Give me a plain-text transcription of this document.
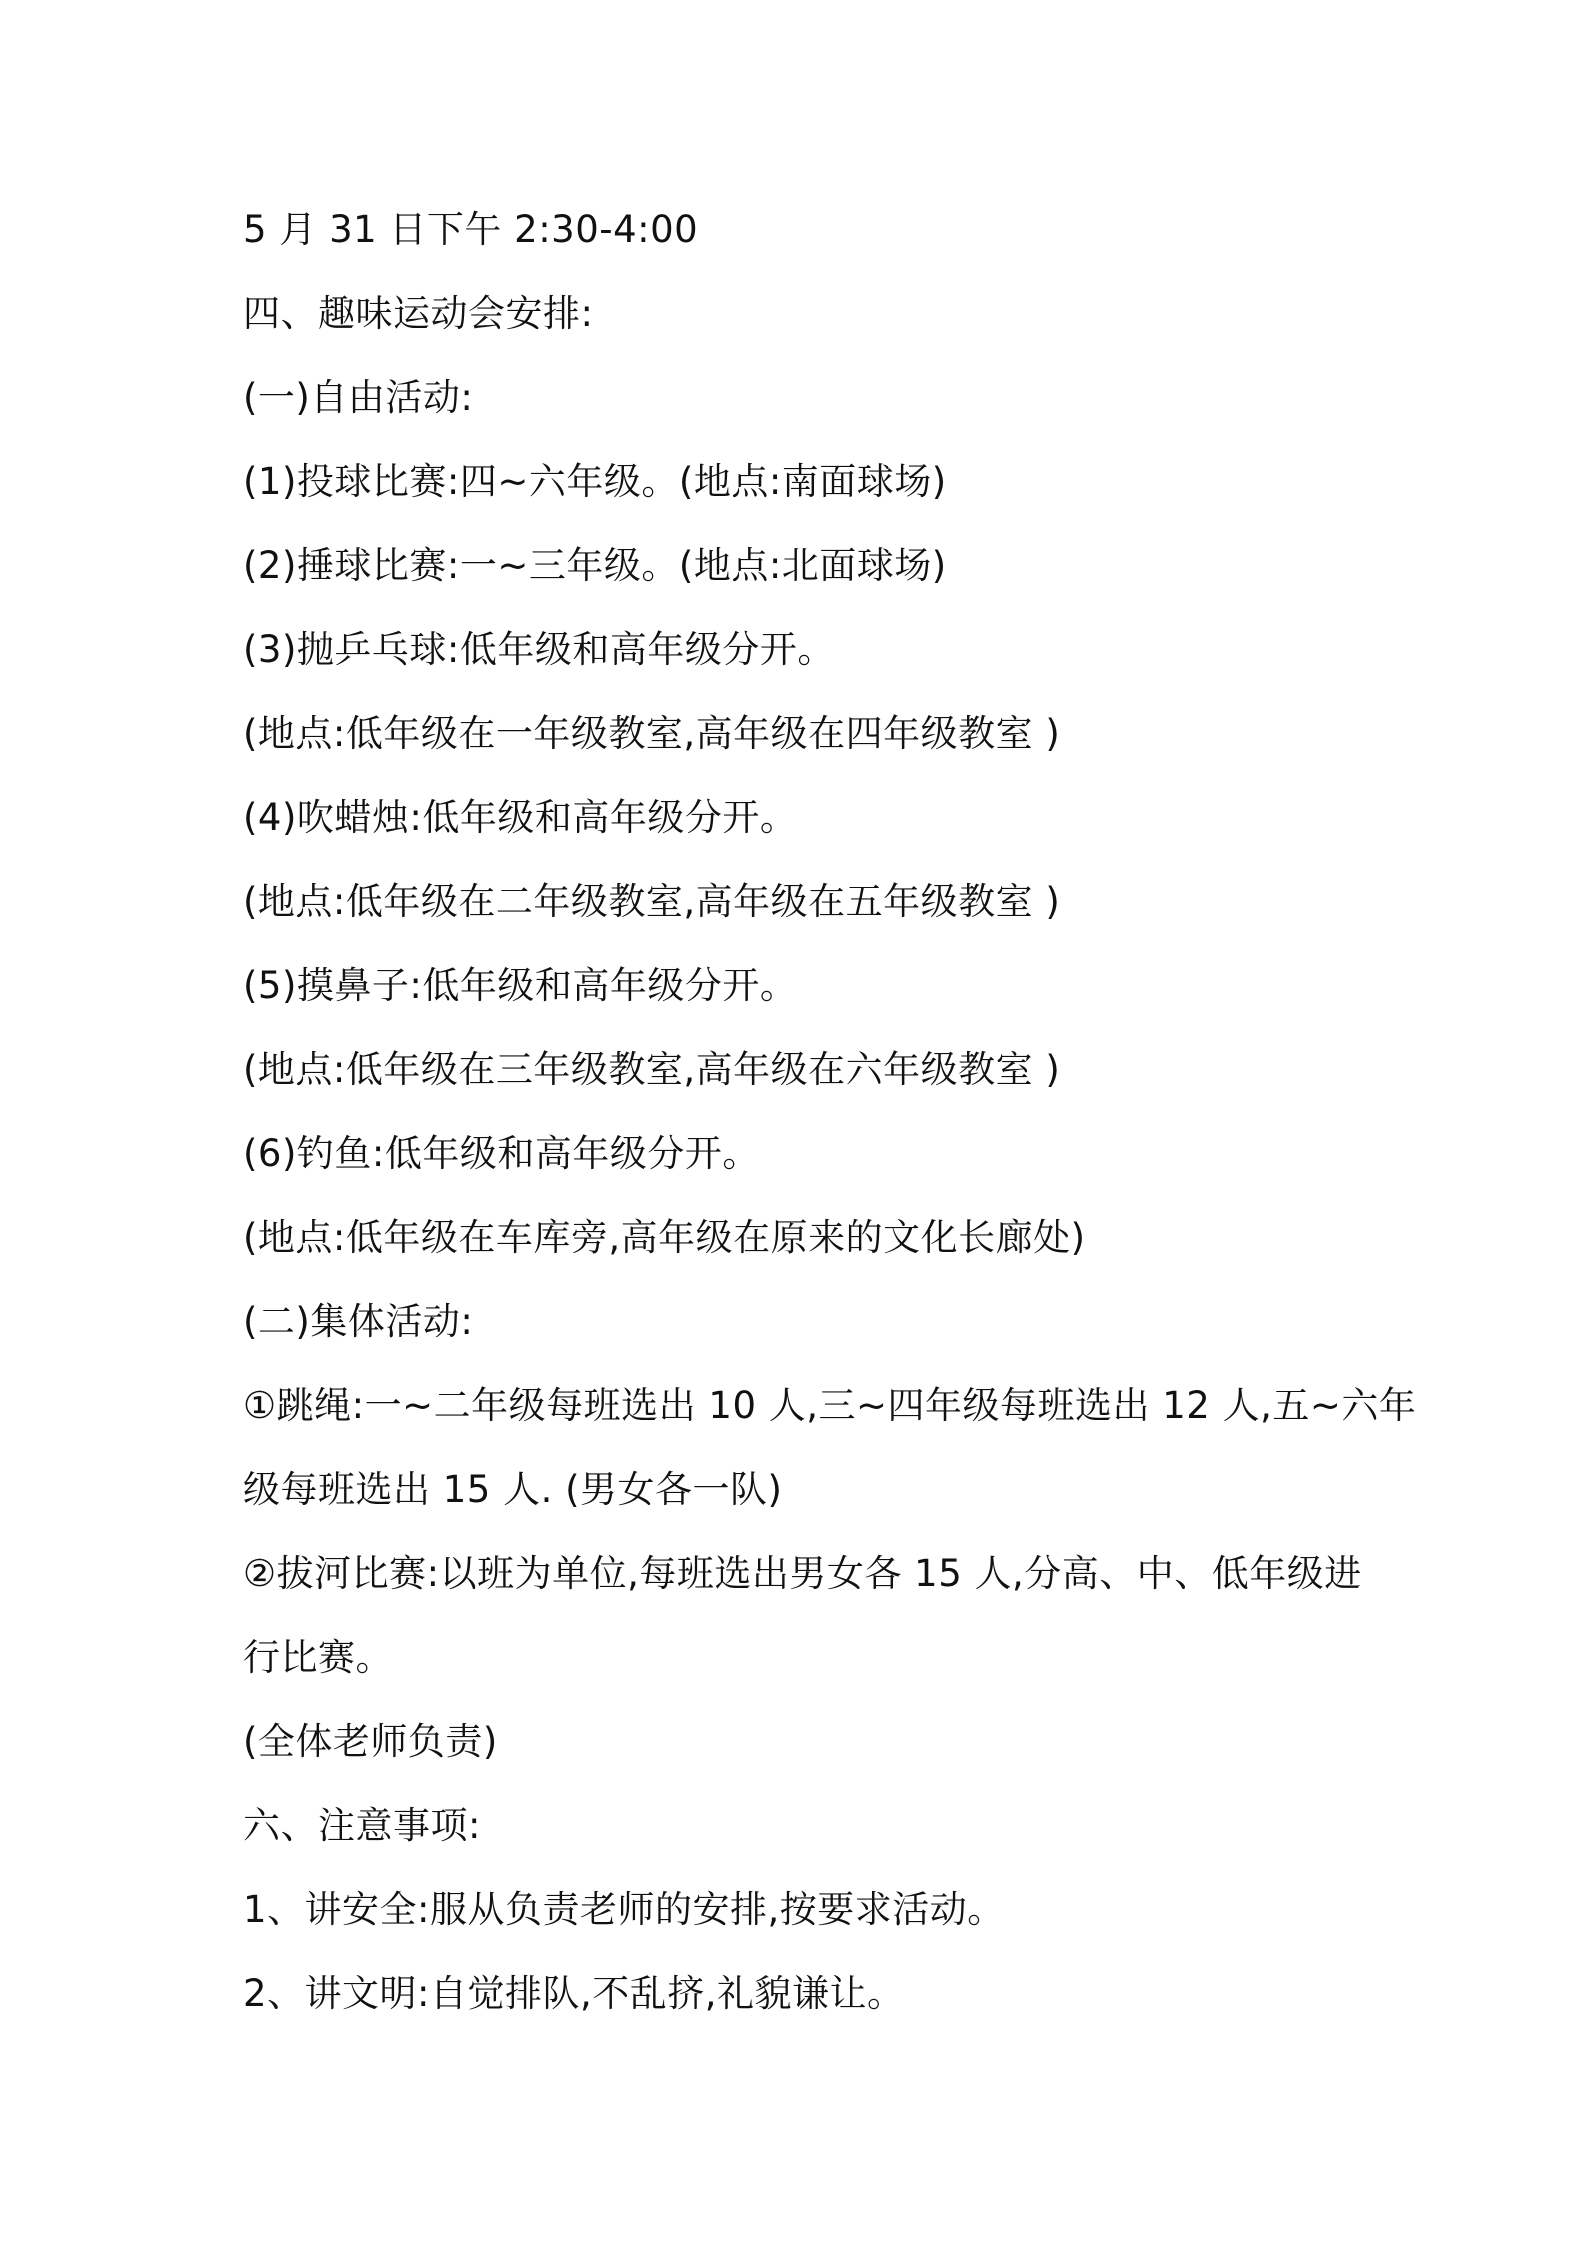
5 月 31 日下午 2:30-4:00
四、趣味运动会安排:
(一)自由活动:
(1)投球比赛:四~六年级。(地点:南面球场)
(2)捶球比赛:一~三年级。(地点:北面球场)
(3)抛乒乓球:低年级和高年级分开。
(地点:低年级在一年级教室,高年级在四年级教室 )
(4)吹蜡烛:低年级和高年级分开。
(地点:低年级在二年级教室,高年级在五年级教室 )
(5)摸鼻子:低年级和高年级分开。
(地点:低年级在三年级教室,高年级在六年级教室 )
(6)钓鱼:低年级和高年级分开。
(地点:低年级在车库旁,高年级在原来的文化长廊处)
(二)集体活动:
①跳绳:一~二年级每班选出 10 人,三~四年级每班选出 12 人,五~六年
级每班选出 15 人. (男女各一队)
②拔河比赛:以班为单位,每班选出男女各 15 人,分高、中、低年级进
行比赛。
(全体老师负责)
六、注意事项:
1、讲安全:服从负责老师的安排,按要求活动。
2、讲文明:自觉排队,不乱挤,礼貌谦让。
